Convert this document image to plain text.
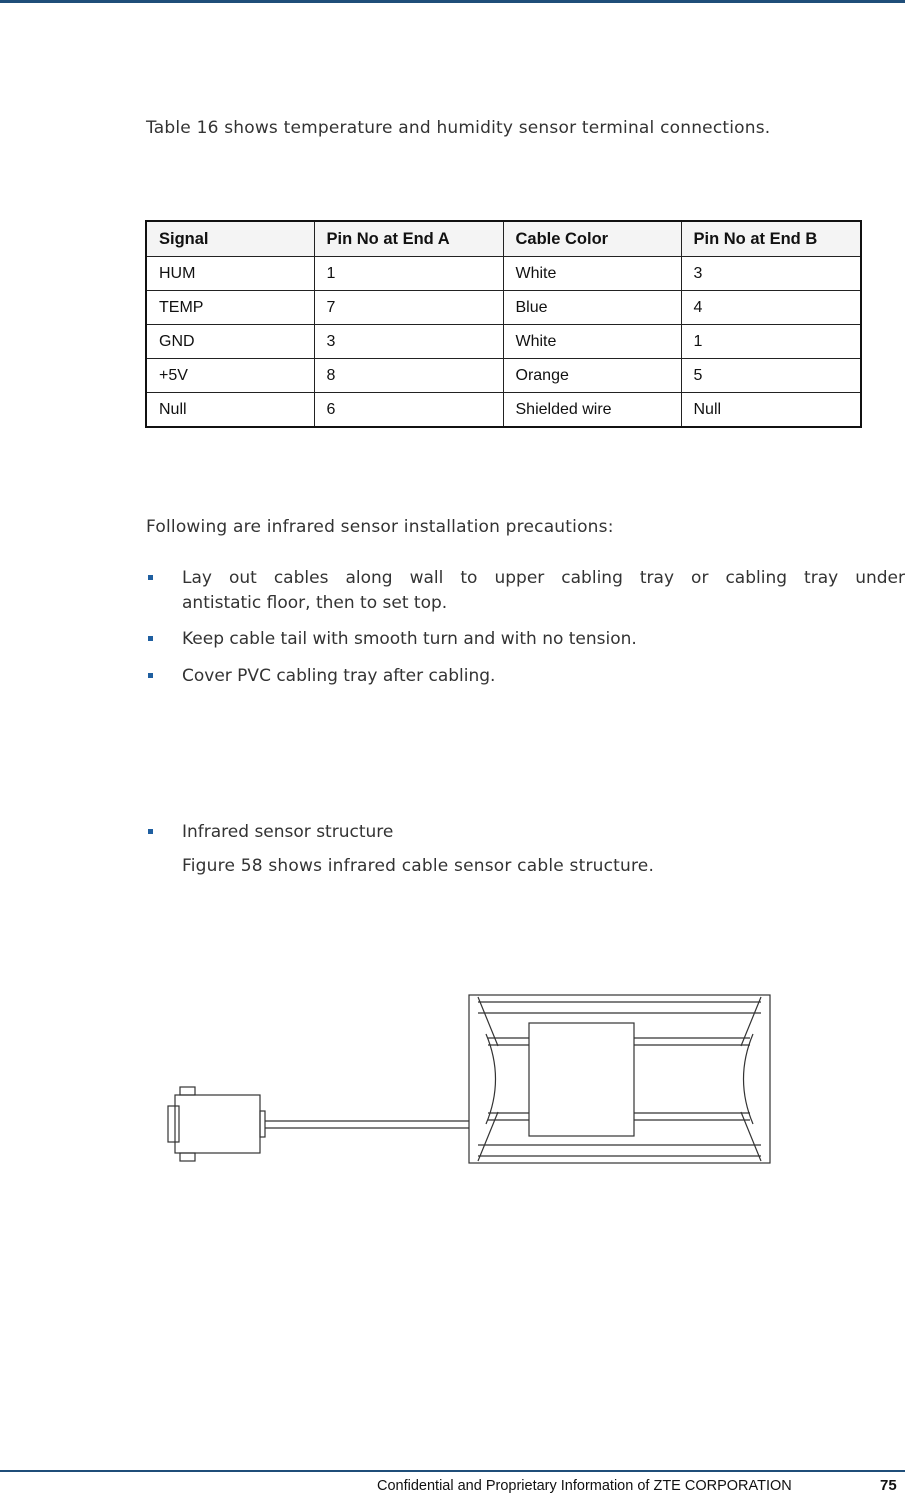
Table 16 shows temperature and humidity sensor terminal connections.
Signal	Pin No at End A	Cable Color	Pin No at End B
HUM	1	White	3
TEMP	7	Blue	4
GND	3	White	1
+5V	8	Orange	5
Null	6	Shielded wire	Null
Following are infrared sensor installation precautions:
Lay out cables along wall to upper cabling tray or cabling tray under
antistatic floor, then to set top.
Keep cable tail with smooth turn and with no tension.
Cover PVC cabling tray after cabling.
Infrared sensor structure
Figure 58 shows infrared cable sensor cable structure.
Confidential and Proprietary Information of ZTE CORPORATION	75
